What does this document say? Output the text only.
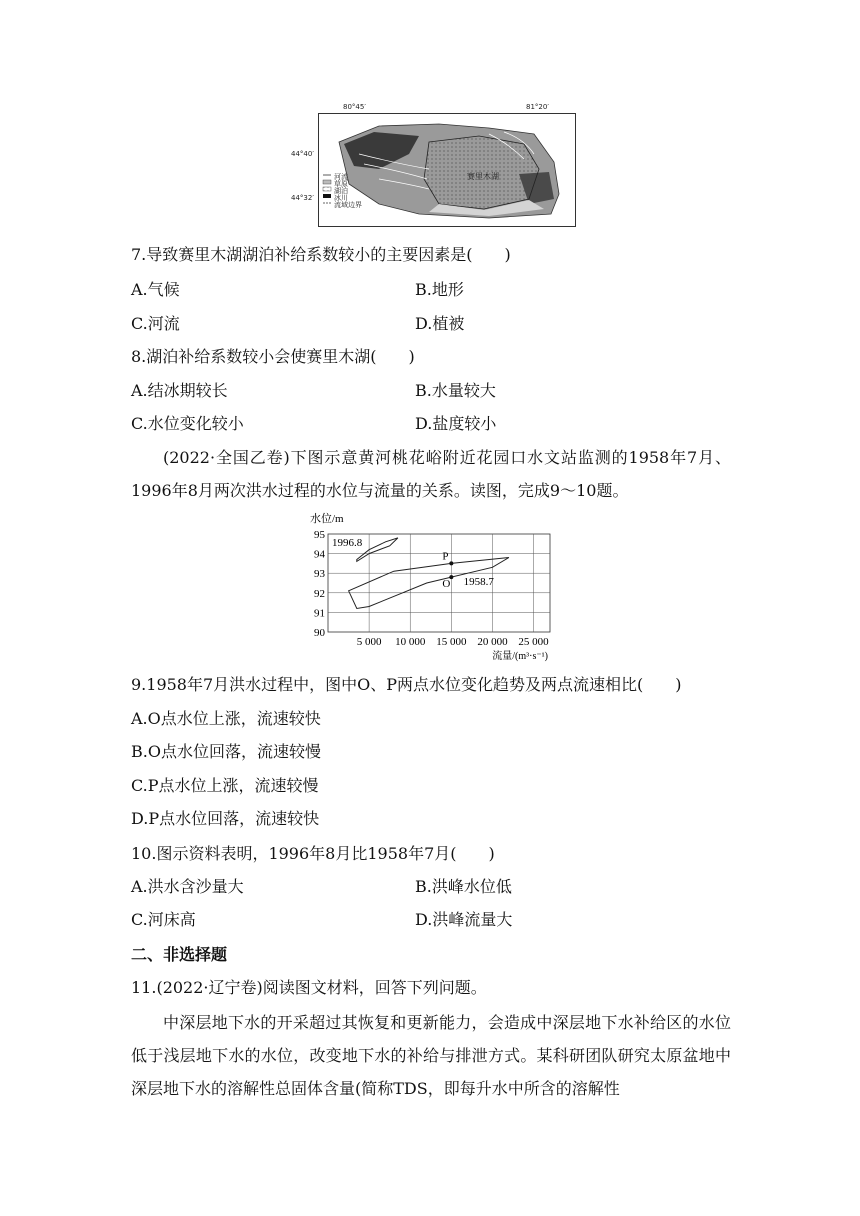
赛里木湖
河流
草原
湖泊
冰川
流域边界
80°45′	81°20′
44°40′
44°32′
7.导致赛里木湖湖泊补给系数较小的主要因素是(　　)
A.气候	B.地形
C.河流	D.植被
8.湖泊补给系数较小会使赛里木湖(　　)
A.结冰期较长	B.水量较大
C.水位变化较小	D.盐度较小
(2022·全国乙卷)下图示意黄河桃花峪附近花园口水文站监测的1958年7月、1996年8月两次洪水过程的水位与流量的关系。读图，完成9～10题。
95
94
93
92
91
90
5 000 10 000 15 000 20 000 25 000
水位/m
流量/(m³·s⁻¹)
1996.8
1958.7
P
O
9.1958年7月洪水过程中，图中O、P两点水位变化趋势及两点流速相比(　　)
A.O点水位上涨，流速较快
B.O点水位回落，流速较慢
C.P点水位上涨，流速较慢
D.P点水位回落，流速较快
10.图示资料表明，1996年8月比1958年7月(　　)
A.洪水含沙量大	B.洪峰水位低
C.河床高	D.洪峰流量大
二、非选择题
11.(2022·辽宁卷)阅读图文材料，回答下列问题。
中深层地下水的开采超过其恢复和更新能力，会造成中深层地下水补给区的水位低于浅层地下水的水位，改变地下水的补给与排泄方式。某科研团队研究太原盆地中深层地下水的溶解性总固体含量(简称TDS，即每升水中所含的溶解性
